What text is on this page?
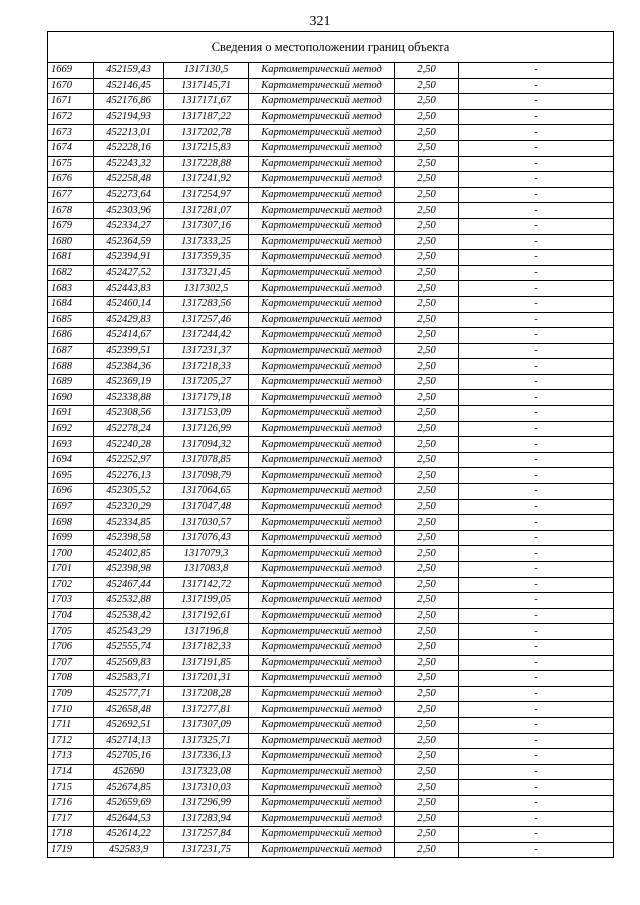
321
Сведения о местоположении границ объекта					
1669	452159,43	1317130,5	Картометрический метод	2,50	-
1670	452146,45	1317145,71	Картометрический метод	2,50	-
1671	452176,86	1317171,67	Картометрический метод	2,50	-
1672	452194,93	1317187,22	Картометрический метод	2,50	-
1673	452213,01	1317202,78	Картометрический метод	2,50	-
1674	452228,16	1317215,83	Картометрический метод	2,50	-
1675	452243,32	1317228,88	Картометрический метод	2,50	-
1676	452258,48	1317241,92	Картометрический метод	2,50	-
1677	452273,64	1317254,97	Картометрический метод	2,50	-
1678	452303,96	1317281,07	Картометрический метод	2,50	-
1679	452334,27	1317307,16	Картометрический метод	2,50	-
1680	452364,59	1317333,25	Картометрический метод	2,50	-
1681	452394,91	1317359,35	Картометрический метод	2,50	-
1682	452427,52	1317321,45	Картометрический метод	2,50	-
1683	452443,83	1317302,5	Картометрический метод	2,50	-
1684	452460,14	1317283,56	Картометрический метод	2,50	-
1685	452429,83	1317257,46	Картометрический метод	2,50	-
1686	452414,67	1317244,42	Картометрический метод	2,50	-
1687	452399,51	1317231,37	Картометрический метод	2,50	-
1688	452384,36	1317218,33	Картометрический метод	2,50	-
1689	452369,19	1317205,27	Картометрический метод	2,50	-
1690	452338,88	1317179,18	Картометрический метод	2,50	-
1691	452308,56	1317153,09	Картометрический метод	2,50	-
1692	452278,24	1317126,99	Картометрический метод	2,50	-
1693	452240,28	1317094,32	Картометрический метод	2,50	-
1694	452252,97	1317078,85	Картометрический метод	2,50	-
1695	452276,13	1317098,79	Картометрический метод	2,50	-
1696	452305,52	1317064,65	Картометрический метод	2,50	-
1697	452320,29	1317047,48	Картометрический метод	2,50	-
1698	452334,85	1317030,57	Картометрический метод	2,50	-
1699	452398,58	1317076,43	Картометрический метод	2,50	-
1700	452402,85	1317079,3	Картометрический метод	2,50	-
1701	452398,98	1317083,8	Картометрический метод	2,50	-
1702	452467,44	1317142,72	Картометрический метод	2,50	-
1703	452532,88	1317199,05	Картометрический метод	2,50	-
1704	452538,42	1317192,61	Картометрический метод	2,50	-
1705	452543,29	1317196,8	Картометрический метод	2,50	-
1706	452555,74	1317182,33	Картометрический метод	2,50	-
1707	452569,83	1317191,85	Картометрический метод	2,50	-
1708	452583,71	1317201,31	Картометрический метод	2,50	-
1709	452577,71	1317208,28	Картометрический метод	2,50	-
1710	452658,48	1317277,81	Картометрический метод	2,50	-
1711	452692,51	1317307,09	Картометрический метод	2,50	-
1712	452714,13	1317325,71	Картометрический метод	2,50	-
1713	452705,16	1317336,13	Картометрический метод	2,50	-
1714	452690	1317323,08	Картометрический метод	2,50	-
1715	452674,85	1317310,03	Картометрический метод	2,50	-
1716	452659,69	1317296,99	Картометрический метод	2,50	-
1717	452644,53	1317283,94	Картометрический метод	2,50	-
1718	452614,22	1317257,84	Картометрический метод	2,50	-
1719	452583,9	1317231,75	Картометрический метод	2,50	-
